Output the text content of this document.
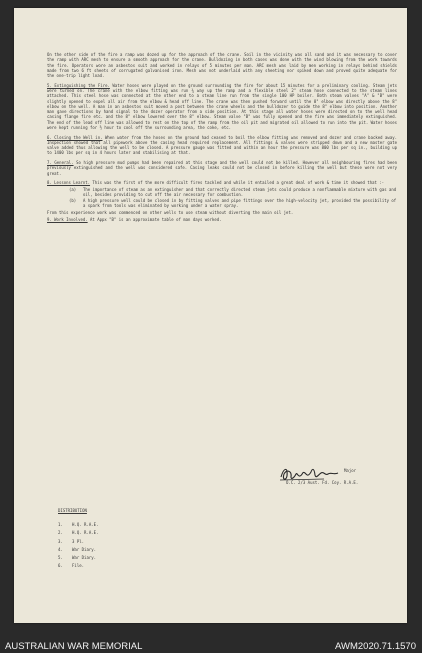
On the other side of the fire a ramp was dozed up for the approach of the crane. Soil in the vicinity was all sand and it was necessary to cover the ramp with ARC mesh to ensure a smooth approach for the crane. Bulldozing in both cases was done with the wind blowing from the work towards the fire. Operators wore an asbestos suit and worked in relays of 5 minutes per man. ARC mesh was laid by men working in relays behind shields made from two 6 ft sheets of corrugated galvanised iron. Mesh was not underlaid with any sheeting nor spiked down and proved quite adequate for the one-trip light load.

5. Extinguishing the Fire. Water hoses were played on the ground surrounding the fire for about 15 minutes for a preliminary cooling. Steam jets were turned on. The crane with the elbow fitting was run ¾ way up the ramp and a flexible steel 2" steam hose connected to the steam lines attached. This steel hose was connected at the other end to a steam line run from the single 100 HP boiler. Both steam valves "A" & "B" were slightly opened to expel all air from the elbow & head off line. The crane was then pushed forward until the 8" elbow was directly above the 8" elbow on the well. A man in an asbestos suit moved a post between the crane wheels and the bulldozer to guide the 8" elbow into position. Another man gave directions by hand signal to the dozer operator from a side position. At this stage all water hoses were directed on to the well head casing flange fire etc. and the 8" elbow lowered over the 8" elbow. Steam valve "B" was fully opened and the fire was immediately extinguished. The end of the lead off line was allowed to rest on the top of the ramp from the oil pit and migrated oil allowed to run into the pit. Water hoses were kept running for ½ hour to cool off the surrounding area, the coke, etc.

6. Closing the Well in. When water from the hoses on the ground had ceased to boil the elbow fitting was removed and dozer and crane backed away. Inspection showed that all pipework above the casing head required replacement. All fittings & valves were stripped down and a new master gate valve added thus allowing the well to be closed. A pressure gauge was fitted and within an hour the pressure was 800 lbs per sq in., building up to 1400 lbs per sq in 4 hours later and stabilising at that.

7. General. So high pressure mud pumps had been repaired at this stage and the well could not be killed. However all neighbouring fires had been previously extinguished and the well was considered safe. Casing leaks could not be closed in before killing the well but these were not very great.

8. Lessons Learnt. This was the first of the more difficult fires tackled and while it entailed a great deal of work & time it showed that :-

(a)	The importance of steam as an extinguisher and that correctly directed steam jets could produce a nonflammable mixture with gas and oil, besides providing to cut off the air necessary for combustion.
(b)	A high pressure well could be closed in by fitting valves and pipe fittings over the high-velocity jet, provided the possibility of a spark from tools was eliminated by working under a water spray.

From this experience work was commenced on other wells to use steam without diverting the main oil jet.

9. Work Involved. At Appx "B" is an approximate table of man days worked.

Major
O.C. 2/3 Aust. Fd. Coy. R.A.E.
DISTRIBUTION
1.	H.Q. R.A.E.
2.	H.Q. R.A.E.
3.	3 Pl.
4.	War Diary.
5.	War Diary.
6.	File.
AUSTRALIAN WAR MEMORIAL	AWM2020.71.1570
